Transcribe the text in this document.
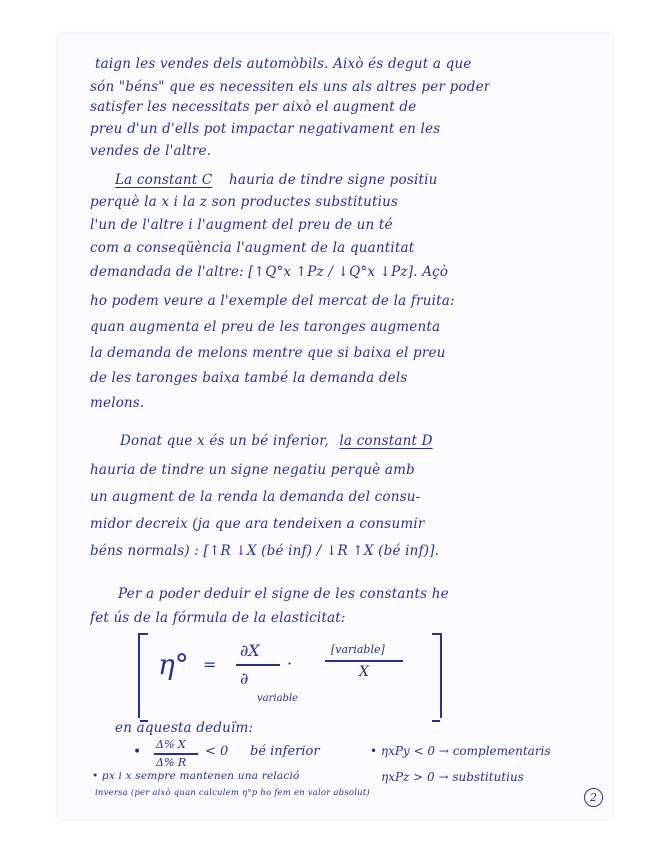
taign les vendes dels automòbils. Això és degut a que
són "béns" que es necessiten els uns als altres per poder
satisfer les necessitats per això el augment de
preu d'un d'ells pot impactar negativament en les
vendes de l'altre.
La constant C hauria de tindre signe positiu
perquè la x i la z son productes substitutius
l'un de l'altre i l'augment del preu de un té
com a conseqüència l'augment de la quantitat
demandada de l'altre: [↑Q°x ↑Pz / ↓Q°x ↓Pz]. Açò
ho podem veure a l'exemple del mercat de la fruita:
quan augmenta el preu de les taronges augmenta
la demanda de melons mentre que si baixa el preu
de les taronges baixa també la demanda dels
melons.
Donat que x és un bé inferior, la constant D
hauria de tindre un signe negatiu perquè amb
un augment de la renda la demanda del consu-
midor decreix (ja que ara tendeixen a consumir
béns normals) : [↑R ↓X (bé inf) / ↓R ↑X (bé inf)].
Per a poder deduir el signe de les constants he
fet ús de la fórmula de la elasticitat:
η° =
∂X
∂
variable
·
[variable]
X
en aquesta deduïm:
• Δ% X
Δ% R
< 0 bé inferior	• ηxPy < 0 → complementaris
ηxPz > 0 → substitutius
• px i x sempre mantenen una relació
inversa (per això quan calculem η°p ho fem en valor absolut)	2
